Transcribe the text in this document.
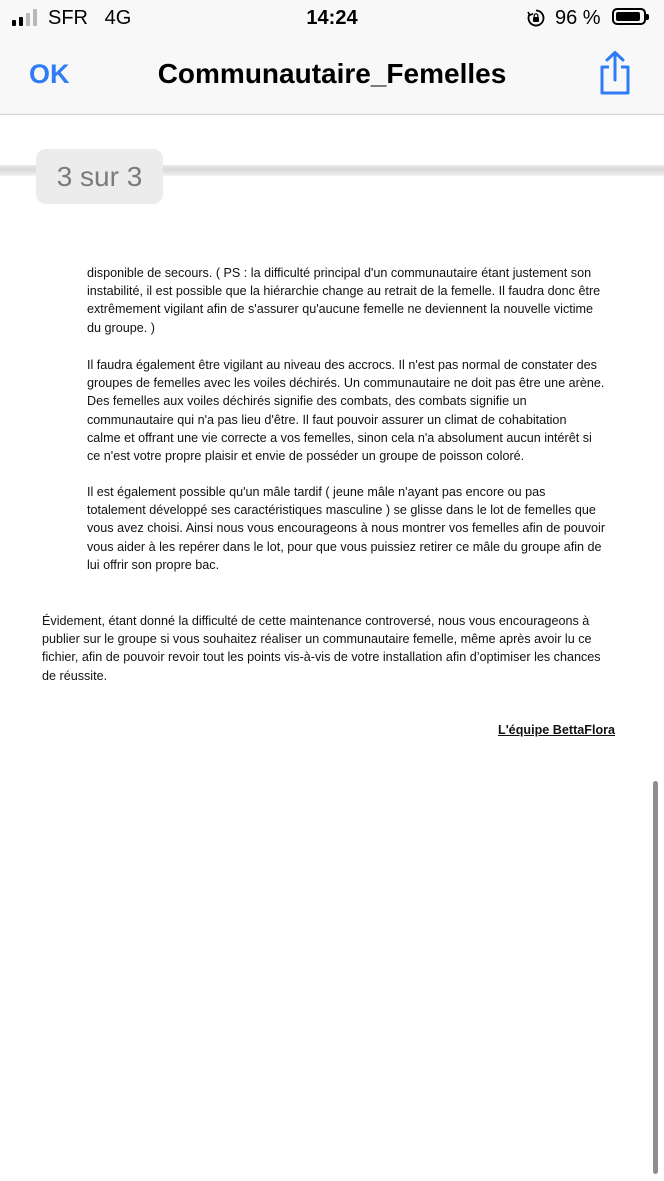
SFR 4G	14:24	96 %
OK	Communautaire_Femelles
3 sur 3
disponible de secours. ( PS : la difficulté principal d'un communautaire étant justement son
instabilité, il est possible que la hiérarchie change au retrait de la femelle. Il faudra donc être
extrêmement vigilant afin de s'assurer qu'aucune femelle ne deviennent la nouvelle victime
du groupe. )
Il faudra également être vigilant au niveau des accrocs. Il n'est pas normal de constater des
groupes de femelles avec les voiles déchirés. Un communautaire ne doit pas être une arène.
Des femelles aux voiles déchirés signifie des combats, des combats signifie un
communautaire qui n'a pas lieu d'être. Il faut pouvoir assurer un climat de cohabitation
calme et offrant une vie correcte a vos femelles, sinon cela n'a absolument aucun intérêt si
ce n'est votre propre plaisir et envie de posséder un groupe de poisson coloré.
Il est également possible qu'un mâle tardif ( jeune mâle n'ayant pas encore ou pas
totalement développé ses caractéristiques masculine ) se glisse dans le lot de femelles que
vous avez choisi. Ainsi nous vous encourageons à nous montrer vos femelles afin de pouvoir
vous aider à les repérer dans le lot, pour que vous puissiez retirer ce mâle du groupe afin de
lui offrir son propre bac.
Évidement, étant donné la difficulté de cette maintenance controversé, nous vous encourageons à
publier sur le groupe si vous souhaitez réaliser un communautaire femelle, même après avoir lu ce
fichier, afin de pouvoir revoir tout les points vis-à-vis de votre installation afin d’optimiser les chances
de réussite.
L'équipe BettaFlora
